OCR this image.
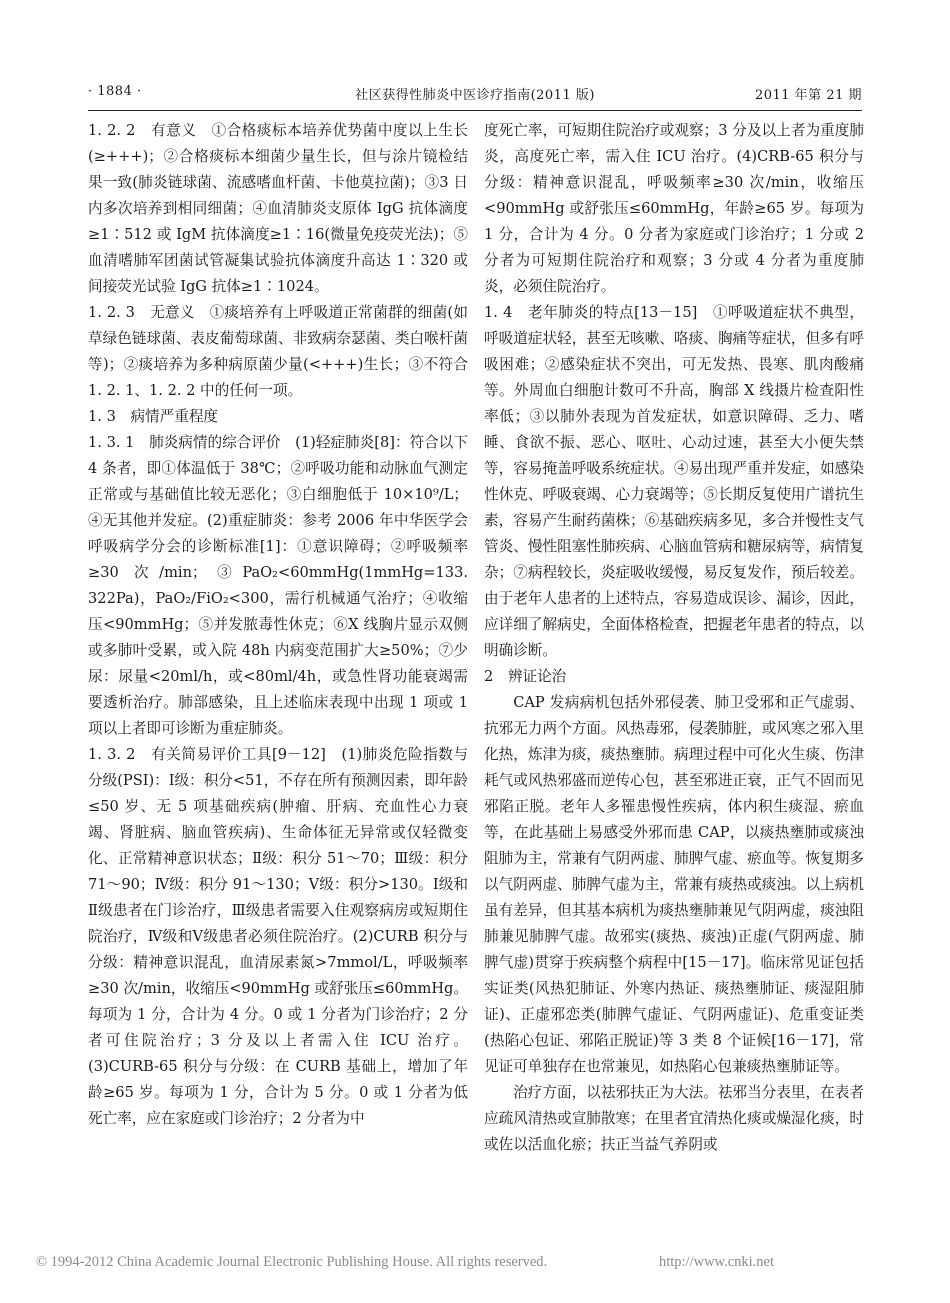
· 1884 ·	社区获得性肺炎中医诊疗指南(2011 版)	2011 年第 21 期

1. 2. 2　有意义　①合格痰标本培养优势菌中度以上生长(≥+++)；②合格痰标本细菌少量生长，但与涂片镜检结果一致(肺炎链球菌、流感嗜血杆菌、卡他莫拉菌)；③3 日内多次培养到相同细菌；④血清肺炎支原体 IgG 抗体滴度≥1∶512 或 IgM 抗体滴度≥1∶16(微量免疫荧光法)；⑤血清嗜肺军团菌试管凝集试验抗体滴度升高达 1∶320 或间接荧光试验 IgG 抗体≥1∶1024。

1. 2. 3　无意义　①痰培养有上呼吸道正常菌群的细菌(如草绿色链球菌、表皮葡萄球菌、非致病奈瑟菌、类白喉杆菌等)；②痰培养为多种病原菌少量(<+++)生长；③不符合 1. 2. 1、1. 2. 2 中的任何一项。

1. 3　病情严重程度

1. 3. 1　肺炎病情的综合评价　(1)轻症肺炎[8]：符合以下 4 条者，即①体温低于 38℃；②呼吸功能和动脉血气测定正常或与基础值比较无恶化；③白细胞低于 10×10⁹/L；④无其他并发症。(2)重症肺炎：参考 2006 年中华医学会呼吸病学分会的诊断标准[1]：①意识障碍；②呼吸频率≥30 次/min；③PaO₂<60mmHg(1mmHg=133. 322Pa)，PaO₂/FiO₂<300，需行机械通气治疗；④收缩压<90mmHg；⑤并发脓毒性休克；⑥X 线胸片显示双侧或多肺叶受累，或入院 48h 内病变范围扩大≥50%；⑦少尿：尿量<20ml/h，或<80ml/4h，或急性肾功能衰竭需要透析治疗。肺部感染，且上述临床表现中出现 1 项或 1 项以上者即可诊断为重症肺炎。

1. 3. 2　有关简易评价工具[9－12]　(1)肺炎危险指数与分级(PSI)：Ⅰ级：积分<51，不存在所有预测因素，即年龄≤50 岁、无 5 项基础疾病(肿瘤、肝病、充血性心力衰竭、肾脏病、脑血管疾病)、生命体征无异常或仅轻微变化、正常精神意识状态；Ⅱ级：积分 51～70；Ⅲ级：积分 71～90；Ⅳ级：积分 91～130；Ⅴ级：积分>130。Ⅰ级和Ⅱ级患者在门诊治疗，Ⅲ级患者需要入住观察病房或短期住院治疗，Ⅳ级和Ⅴ级患者必须住院治疗。(2)CURB 积分与分级：精神意识混乱，血清尿素氮>7mmol/L，呼吸频率≥30 次/min，收缩压<90mmHg 或舒张压≤60mmHg。每项为 1 分，合计为 4 分。0 或 1 分者为门诊治疗；2 分者可住院治疗；3 分及以上者需入住 ICU 治疗。(3)CURB-65 积分与分级：在 CURB 基础上，增加了年龄≥65 岁。每项为 1 分，合计为 5 分。0 或 1 分者为低死亡率，应在家庭或门诊治疗；2 分者为中

度死亡率，可短期住院治疗或观察；3 分及以上者为重度肺炎，高度死亡率，需入住 ICU 治疗。(4)CRB-65 积分与分级：精神意识混乱，呼吸频率≥30 次/min，收缩压<90mmHg 或舒张压≤60mmHg，年龄≥65 岁。每项为 1 分，合计为 4 分。0 分者为家庭或门诊治疗；1 分或 2 分者为可短期住院治疗和观察；3 分或 4 分者为重度肺炎，必须住院治疗。

1. 4　老年肺炎的特点[13－15]　①呼吸道症状不典型，呼吸道症状轻，甚至无咳嗽、咯痰、胸痛等症状，但多有呼吸困难；②感染症状不突出，可无发热、畏寒、肌肉酸痛等。外周血白细胞计数可不升高，胸部 X 线摄片检查阳性率低；③以肺外表现为首发症状，如意识障碍、乏力、嗜睡、食欲不振、恶心、呕吐、心动过速，甚至大小便失禁等，容易掩盖呼吸系统症状。④易出现严重并发症，如感染性休克、呼吸衰竭、心力衰竭等；⑤长期反复使用广谱抗生素，容易产生耐药菌株；⑥基础疾病多见，多合并慢性支气管炎、慢性阻塞性肺疾病、心脑血管病和糖尿病等，病情复杂；⑦病程较长，炎症吸收缓慢，易反复发作，预后较差。由于老年人患者的上述特点，容易造成误诊、漏诊，因此，应详细了解病史，全面体格检查，把握老年患者的特点，以明确诊断。

2　辨证论治

CAP 发病病机包括外邪侵袭、肺卫受邪和正气虚弱、抗邪无力两个方面。风热毒邪，侵袭肺脏，或风寒之邪入里化热，炼津为痰，痰热壅肺。病理过程中可化火生痰、伤津耗气或风热邪盛而逆传心包，甚至邪进正衰，正气不固而见邪陷正脱。老年人多罹患慢性疾病，体内积生痰湿、瘀血等，在此基础上易感受外邪而患 CAP，以痰热壅肺或痰浊阻肺为主，常兼有气阴两虚、肺脾气虚、瘀血等。恢复期多以气阴两虚、肺脾气虚为主，常兼有痰热或痰浊。以上病机虽有差异，但其基本病机为痰热壅肺兼见气阴两虚，痰浊阻肺兼见肺脾气虚。故邪实(痰热、痰浊)正虚(气阴两虚、肺脾气虚)贯穿于疾病整个病程中[15－17]。临床常见证包括实证类(风热犯肺证、外寒内热证、痰热壅肺证、痰湿阻肺证)、正虚邪恋类(肺脾气虚证、气阴两虚证)、危重变证类(热陷心包证、邪陷正脱证)等 3 类 8 个证候[16－17]，常见证可单独存在也常兼见，如热陷心包兼痰热壅肺证等。

治疗方面，以祛邪扶正为大法。祛邪当分表里，在表者应疏风清热或宣肺散寒；在里者宜清热化痰或燥湿化痰，时或佐以活血化瘀；扶正当益气养阴或

© 1994-2012 China Academic Journal Electronic Publishing House. All rights reserved.	http://www.cnki.net
